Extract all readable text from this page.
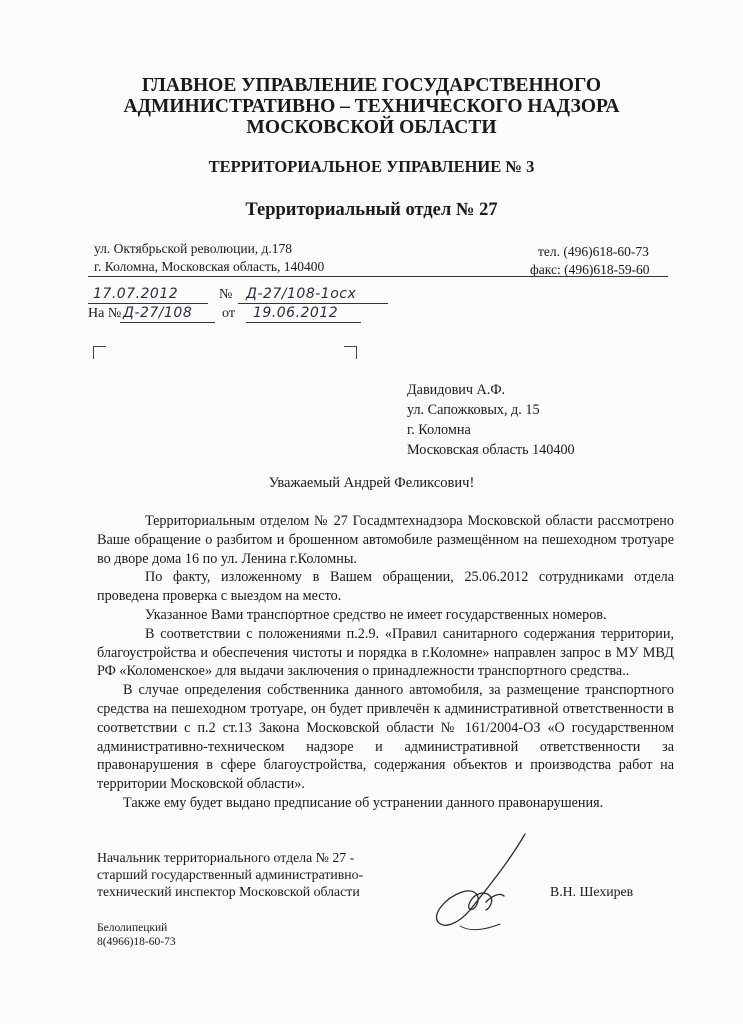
ГЛАВНОЕ УПРАВЛЕНИЕ ГОСУДАРСТВЕННОГО
АДМИНИСТРАТИВНО – ТЕХНИЧЕСКОГО НАДЗОРА
МОСКОВСКОЙ ОБЛАСТИ
ТЕРРИТОРИАЛЬНОЕ УПРАВЛЕНИЕ № 3
Территориальный отдел № 27
ул. Октябрьской революции, д.178
г. Коломна, Московская область, 140400
тел. (496)618-60-73
факс: (496)618-59-60
17.07.2012	№ Д-27/108-1осх
На № Д-27/108 от 19.06.2012
Давидович А.Ф.
ул. Сапожковых, д. 15
г. Коломна
Московская область 140400
Уважаемый Андрей Феликсович!

Территориальным отделом № 27 Госадмтехнадзора Московской области рассмотрено Ваше обращение о разбитом и брошенном автомобиле размещённом на пешеходном тротуаре во дворе дома 16 по ул. Ленина г.Коломны.

По факту, изложенному в Вашем обращении, 25.06.2012 сотрудниками отдела проведена проверка с выездом на место.

Указанное Вами транспортное средство не имеет государственных номеров.

В соответствии с положениями п.2.9. «Правил санитарного содержания территории, благоустройства и обеспечения чистоты и порядка в г.Коломне» направлен запрос в МУ МВД РФ «Коломенское» для выдачи заключения о принадлежности транспортного средства..

В случае определения собственника данного автомобиля, за размещение транспортного средства на пешеходном тротуаре, он будет привлечён к административной ответственности в соответствии с п.2 ст.13 Закона Московской области № 161/2004-ОЗ «О государственном административно-техническом надзоре и административной ответственности за правонарушения в сфере благоустройства, содержания объектов и производства работ на территории Московской области».

Также ему будет выдано предписание об устранении данного правонарушения.

Начальник территориального отдела № 27 -
старший государственный административно-
технический инспектор Московской области	В.Н. Шехирев
Белолипецкий
8(4966)18-60-73
